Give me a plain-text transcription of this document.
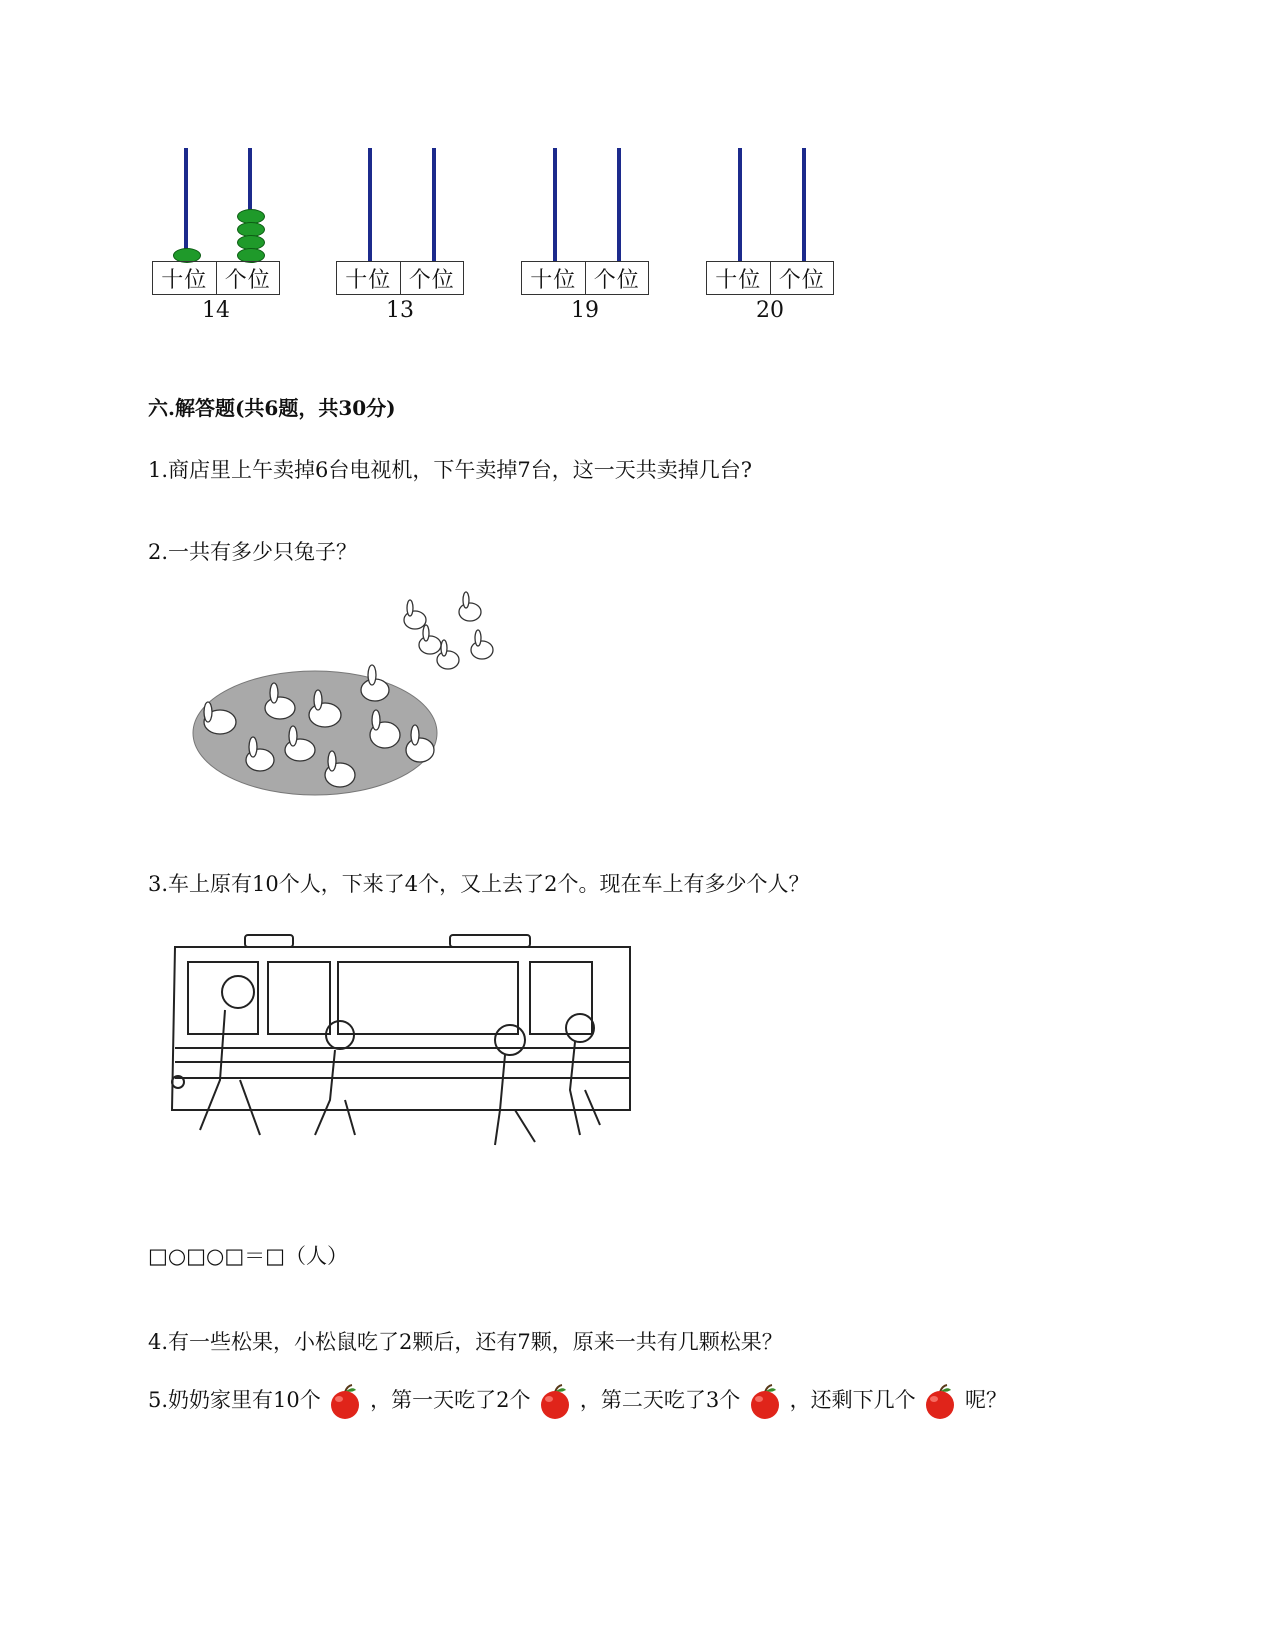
十位 个位
14
十位 个位
13
十位 个位
19
十位 个位
20
六.解答题(共6题，共30分)
1.商店里上午卖掉6台电视机，下午卖掉7台，这一天共卖掉几台?
2.一共有多少只兔子？
3.车上原有10个人，下来了4个，又上去了2个。现在车上有多少个人？
□○□○□＝□（人）
4.有一些松果，小松鼠吃了2颗后，还有7颗，原来一共有几颗松果？
5.奶奶家里有10个 ，第一天吃了2个 ，第二天吃了3个 ，还剩下几个 呢？
